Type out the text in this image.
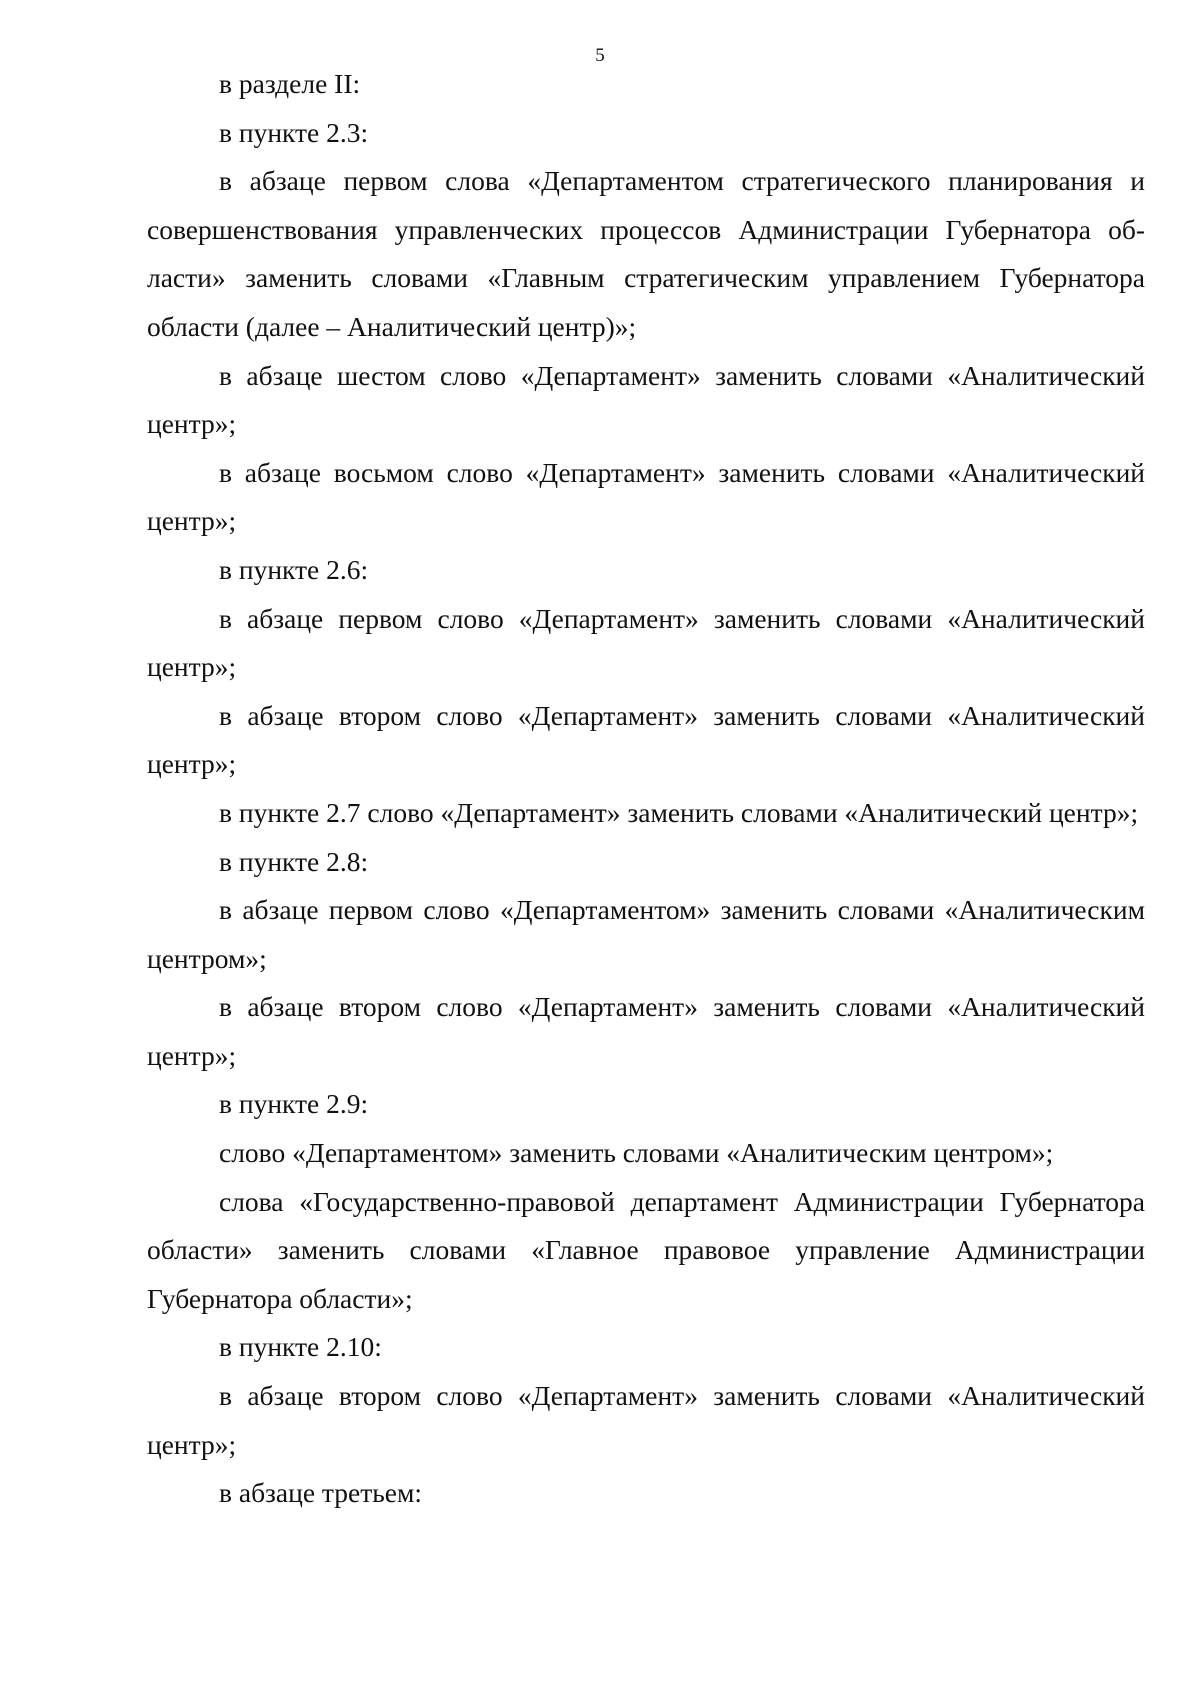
5

в разделе II:

в пункте 2.3:

в абзаце первом слова «Департаментом стратегического планирования и совершенствования управленческих процессов Администрации Губернатора области» заменить словами «Главным стратегическим управлением Губернатора области (далее – Аналитический центр)»;

в абзаце шестом слово «Департамент» заменить словами «Аналитический центр»;

в абзаце восьмом слово «Департамент» заменить словами «Аналитический центр»;

в пункте 2.6:

в абзаце первом слово «Департамент» заменить словами «Аналитический центр»;

в абзаце втором слово «Департамент» заменить словами «Аналитический центр»;

в пункте 2.7 слово «Департамент» заменить словами «Аналитический центр»;

в пункте 2.8:

в абзаце первом слово «Департаментом» заменить словами «Аналитическим центром»;

в абзаце втором слово «Департамент» заменить словами «Аналитический центр»;

в пункте 2.9:

слово «Департаментом» заменить словами «Аналитическим центром»;

слова «Государственно-правовой департамент Администрации Губернатора области» заменить словами «Главное правовое управление Администрации Губернатора области»;

в пункте 2.10:

в абзаце втором слово «Департамент» заменить словами «Аналитический центр»;

в абзаце третьем:
